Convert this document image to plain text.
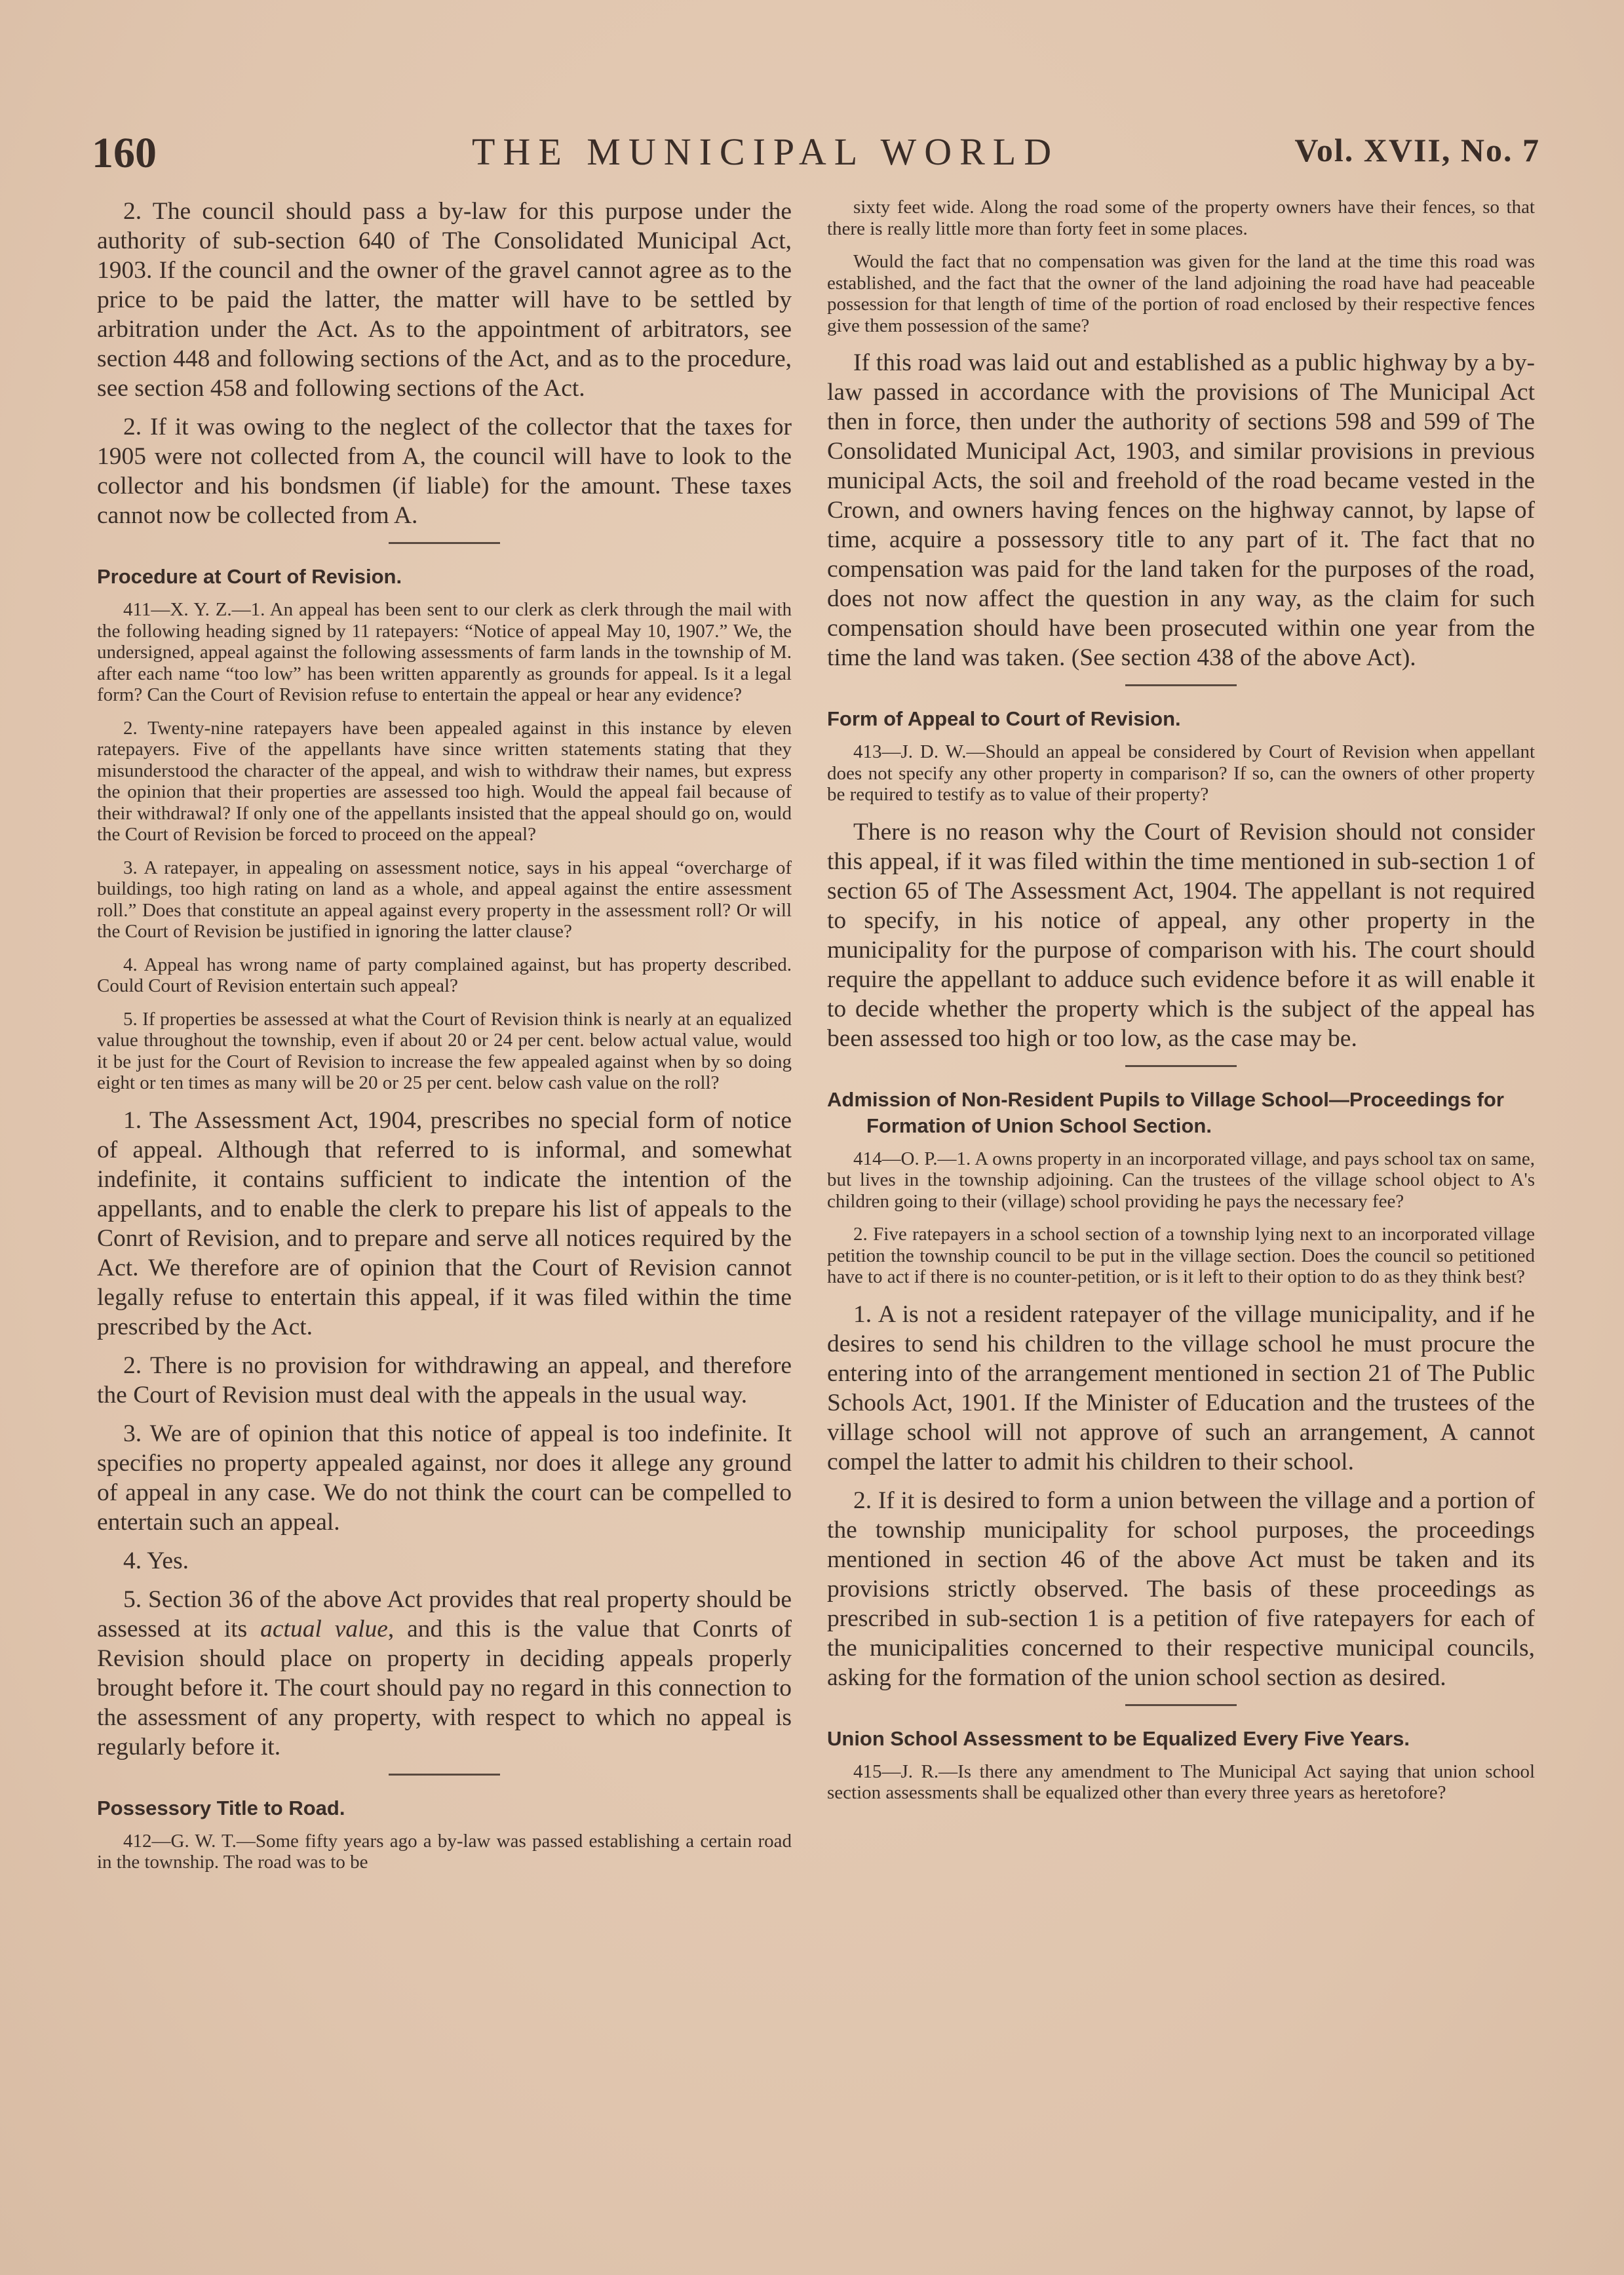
160	THE MUNICIPAL WORLD	Vol. XVII, No. 7

2. The council should pass a by-law for this purpose under the authority of sub-section 640 of The Consolidated Municipal Act, 1903. If the council and the owner of the gravel cannot agree as to the price to be paid the latter, the matter will have to be settled by arbitration under the Act. As to the appointment of arbitrators, see section 448 and following sections of the Act, and as to the procedure, see section 458 and following sections of the Act.

2. If it was owing to the neglect of the collector that the taxes for 1905 were not collected from A, the council will have to look to the collector and his bondsmen (if liable) for the amount. These taxes cannot now be collected from A.

Procedure at Court of Revision.

411—X. Y. Z.—1. An appeal has been sent to our clerk as clerk through the mail with the following heading signed by 11 ratepayers: “Notice of appeal May 10, 1907.” We, the undersigned, appeal against the following assessments of farm lands in the township of M. after each name “too low” has been written apparently as grounds for appeal. Is it a legal form? Can the Court of Revision refuse to entertain the appeal or hear any evidence?

2. Twenty-nine ratepayers have been appealed against in this instance by eleven ratepayers. Five of the appellants have since written statements stating that they misunderstood the character of the appeal, and wish to withdraw their names, but express the opinion that their properties are assessed too high. Would the appeal fail because of their withdrawal? If only one of the appellants insisted that the appeal should go on, would the Court of Revision be forced to proceed on the appeal?

3. A ratepayer, in appealing on assessment notice, says in his appeal “overcharge of buildings, too high rating on land as a whole, and appeal against the entire assessment roll.” Does that constitute an appeal against every property in the assessment roll? Or will the Court of Revision be justified in ignoring the latter clause?

4. Appeal has wrong name of party complained against, but has property described. Could Court of Revision entertain such appeal?

5. If properties be assessed at what the Court of Revision think is nearly at an equalized value throughout the township, even if about 20 or 24 per cent. below actual value, would it be just for the Court of Revision to increase the few appealed against when by so doing eight or ten times as many will be 20 or 25 per cent. below cash value on the roll?

1. The Assessment Act, 1904, prescribes no special form of notice of appeal. Although that referred to is informal, and somewhat indefinite, it contains sufficient to indicate the intention of the appellants, and to enable the clerk to prepare his list of appeals to the Conrt of Revision, and to prepare and serve all notices required by the Act. We therefore are of opinion that the Court of Revision cannot legally refuse to entertain this appeal, if it was filed within the time prescribed by the Act.

2. There is no provision for withdrawing an appeal, and therefore the Court of Revision must deal with the appeals in the usual way.

3. We are of opinion that this notice of appeal is too indefinite. It specifies no property appealed against, nor does it allege any ground of appeal in any case. We do not think the court can be compelled to entertain such an appeal.

4. Yes.

5. Section 36 of the above Act provides that real property should be assessed at its actual value, and this is the value that Conrts of Revision should place on property in deciding appeals properly brought before it. The court should pay no regard in this connection to the assessment of any property, with respect to which no appeal is regularly before it.

Possessory Title to Road.

412—G. W. T.—Some fifty years ago a by-law was passed establishing a certain road in the township. The road was to be

sixty feet wide. Along the road some of the property owners have their fences, so that there is really little more than forty feet in some places.

Would the fact that no compensation was given for the land at the time this road was established, and the fact that the owner of the land adjoining the road have had peaceable possession for that length of time of the portion of road enclosed by their respective fences give them possession of the same?

If this road was laid out and established as a public highway by a by-law passed in accordance with the provisions of The Municipal Act then in force, then under the authority of sections 598 and 599 of The Consolidated Municipal Act, 1903, and similar provisions in previous municipal Acts, the soil and freehold of the road became vested in the Crown, and owners having fences on the highway cannot, by lapse of time, acquire a possessory title to any part of it. The fact that no compensation was paid for the land taken for the purposes of the road, does not now affect the question in any way, as the claim for such compensation should have been prosecuted within one year from the time the land was taken. (See section 438 of the above Act).

Form of Appeal to Court of Revision.

413—J. D. W.—Should an appeal be considered by Court of Revision when appellant does not specify any other property in comparison? If so, can the owners of other property be required to testify as to value of their property?

There is no reason why the Court of Revision should not consider this appeal, if it was filed within the time mentioned in sub-section 1 of section 65 of The Assessment Act, 1904. The appellant is not required to specify, in his notice of appeal, any other property in the municipality for the purpose of comparison with his. The court should require the appellant to adduce such evidence before it as will enable it to decide whether the property which is the subject of the appeal has been assessed too high or too low, as the case may be.

Admission of Non-Resident Pupils to Village School—Proceedings for Formation of Union School Section.

414—O. P.—1. A owns property in an incorporated village, and pays school tax on same, but lives in the township adjoining. Can the trustees of the village school object to A's children going to their (village) school providing he pays the necessary fee?

2. Five ratepayers in a school section of a township lying next to an incorporated village petition the township council to be put in the village section. Does the council so petitioned have to act if there is no counter-petition, or is it left to their option to do as they think best?

1. A is not a resident ratepayer of the village municipality, and if he desires to send his children to the village school he must procure the entering into of the arrangement mentioned in section 21 of The Public Schools Act, 1901. If the Minister of Education and the trustees of the village school will not approve of such an arrangement, A cannot compel the latter to admit his children to their school.

2. If it is desired to form a union between the village and a portion of the township municipality for school purposes, the proceedings mentioned in section 46 of the above Act must be taken and its provisions strictly observed. The basis of these proceedings as prescribed in sub-section 1 is a petition of five ratepayers for each of the municipalities concerned to their respective municipal councils, asking for the formation of the union school section as desired.

Union School Assessment to be Equalized Every Five Years.

415—J. R.—Is there any amendment to The Municipal Act saying that union school section assessments shall be equalized other than every three years as heretofore?
